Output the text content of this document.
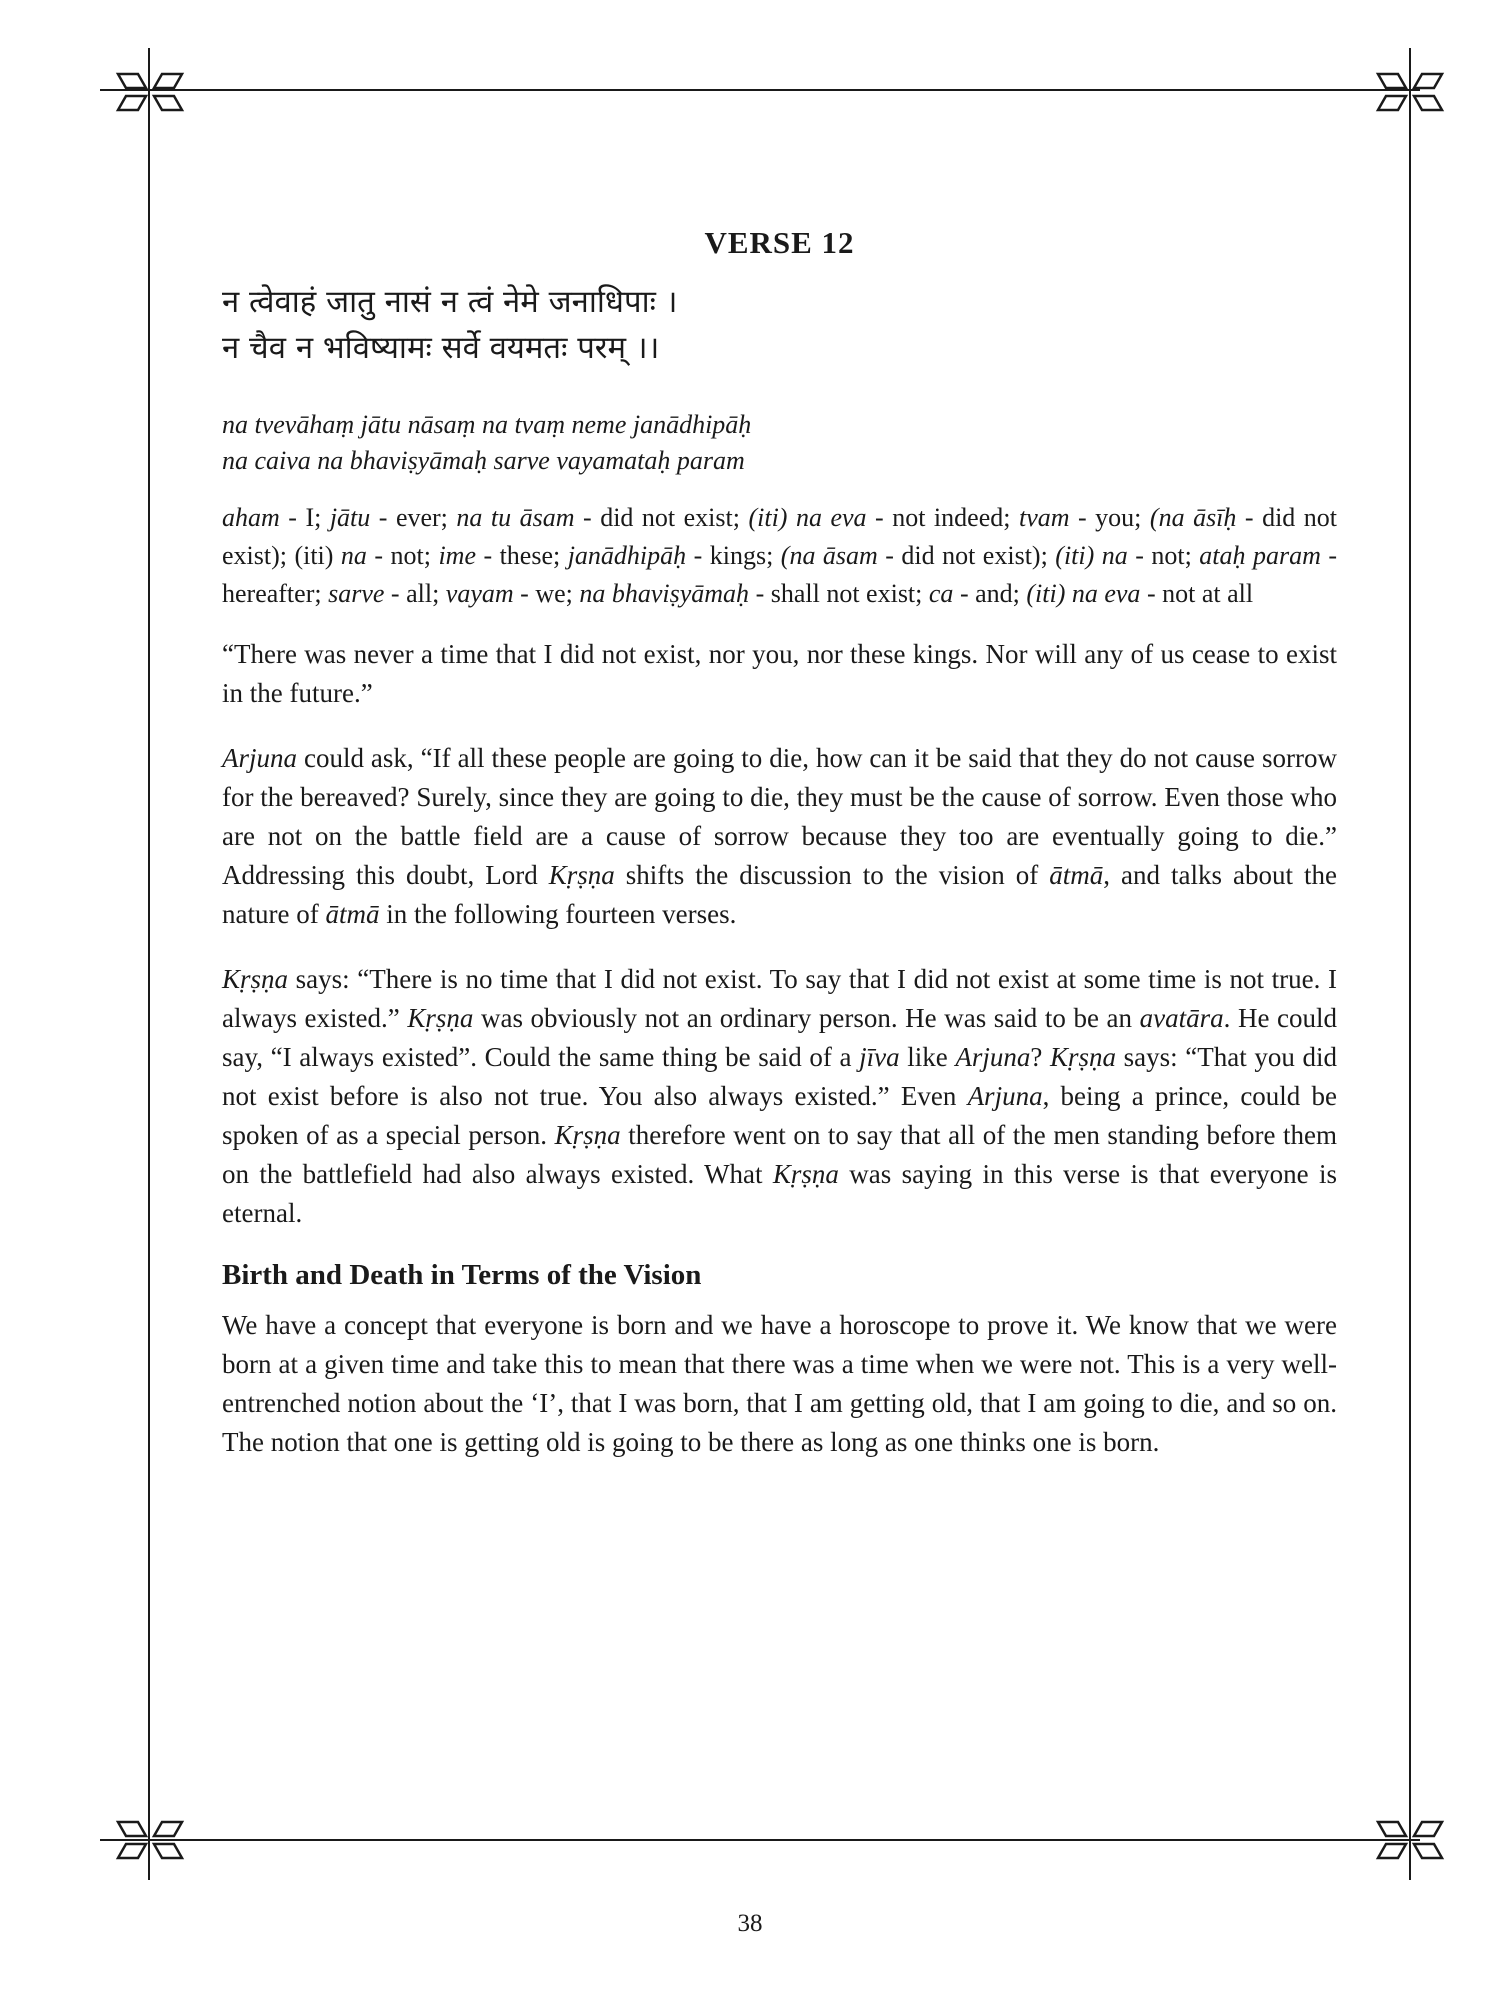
VERSE 12
न त्वेवाहं जातु नासं न त्वं नेमे जनाधिपाः ।
न चैव न भविष्यामः सर्वे वयमतः परम् ।।
na tvevāhaṃ jātu nāsaṃ na tvaṃ neme janādhipāḥ
na caiva na bhaviṣyāmaḥ sarve vayamataḥ param

aham - I; jātu - ever; na tu āsam - did not exist; (iti) na eva - not indeed; tvam - you; (na āsīḥ - did not exist); (iti) na - not; ime - these; janādhipāḥ - kings; (na āsam - did not exist); (iti) na - not; ataḥ param - hereafter; sarve - all; vayam - we; na bhaviṣyāmaḥ - shall not exist; ca - and; (iti) na eva - not at all

“There was never a time that I did not exist, nor you, nor these kings. Nor will any of us cease to exist in the future.”

Arjuna could ask, “If all these people are going to die, how can it be said that they do not cause sorrow for the bereaved? Surely, since they are going to die, they must be the cause of sorrow. Even those who are not on the battle field are a cause of sorrow because they too are eventually going to die.” Addressing this doubt, Lord Kṛṣṇa shifts the discussion to the vision of ātmā, and talks about the nature of ātmā in the following fourteen verses.

Kṛṣṇa says: “There is no time that I did not exist. To say that I did not exist at some time is not true. I always existed.” Kṛṣṇa was obviously not an ordinary person. He was said to be an avatāra. He could say, “I always existed”. Could the same thing be said of a jīva like Arjuna? Kṛṣṇa says: “That you did not exist before is also not true. You also always existed.” Even Arjuna, being a prince, could be spoken of as a special person. Kṛṣṇa therefore went on to say that all of the men standing before them on the battlefield had also always existed. What Kṛṣṇa was saying in this verse is that everyone is eternal.

Birth and Death in Terms of the Vision

We have a concept that everyone is born and we have a horoscope to prove it. We know that we were born at a given time and take this to mean that there was a time when we were not. This is a very well-entrenched notion about the ‘I’, that I was born, that I am getting old, that I am going to die, and so on. The notion that one is getting old is going to be there as long as one thinks one is born.

38
